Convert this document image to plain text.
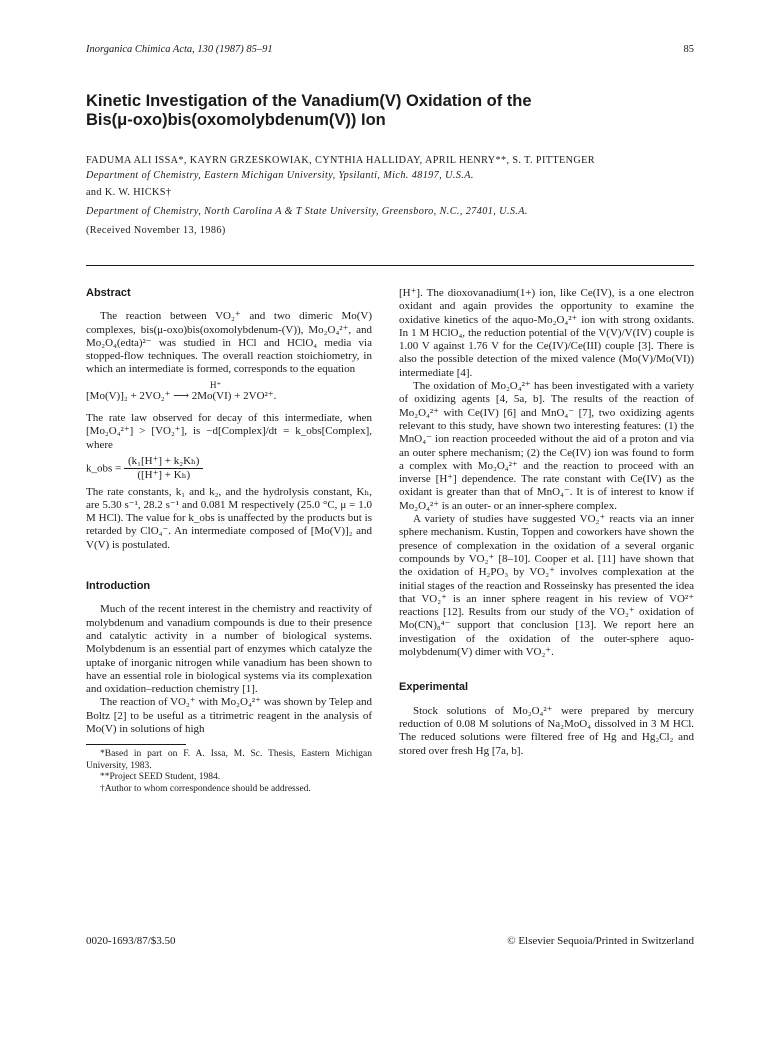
Inorganica Chimica Acta, 130 (1987) 85–91	85
Kinetic Investigation of the Vanadium(V) Oxidation of the
Bis(μ-oxo)bis(oxomolybdenum(V)) Ion
FADUMA ALI ISSA*, KAYRN GRZESKOWIAK, CYNTHIA HALLIDAY, APRIL HENRY**, S. T. PITTENGER
Department of Chemistry, Eastern Michigan University, Ypsilanti, Mich. 48197, U.S.A.
and K. W. HICKS†
Department of Chemistry, North Carolina A & T State University, Greensboro, N.C., 27401, U.S.A.
(Received November 13, 1986)

Abstract

The reaction between VO₂⁺ and two dimeric Mo(V) complexes, bis(μ-oxo)bis(oxomolybdenum-(V)), Mo₂O₄²⁺, and Mo₂O₄(edta)²⁻ was studied in HCl and HClO₄ media via stopped-flow techniques. The overall reaction stoichiometry, in which an intermediate is formed, corresponds to the equation

H⁺
[Mo(V)]₂ + 2VO₂⁺ ⟶ 2Mo(VI) + 2VO²⁺.

The rate law observed for decay of this intermediate, when [Mo₂O₄²⁺] > [VO₂⁺], is −d[Complex]/dt = k_obs[Complex], where

k_obs = $\frac{\text{(k₁[H⁺] + k₂Kₕ)}}{\text{([H⁺] + Kₕ)}}$

The rate constants, k₁ and k₂, and the hydrolysis constant, Kₕ, are 5.30 s⁻¹, 28.2 s⁻¹ and 0.081 M respectively (25.0 °C, μ = 1.0 M HCl). The value for k_obs is unaffected by the products but is retarded by ClO₄⁻. An intermediate composed of [Mo(V)]₂ and V(V) is postulated.

Introduction

Much of the recent interest in the chemistry and reactivity of molybdenum and vanadium compounds is due to their presence and catalytic activity in a number of biological systems. Molybdenum is an essential part of enzymes which catalyze the uptake of inorganic nitrogen while vanadium has been shown to have an essential role in biological systems via its complexation and oxidation–reduction chemistry [1].

The reaction of VO₂⁺ with Mo₂O₄²⁺ was shown by Telep and Boltz [2] to be useful as a titrimetric reagent in the analysis of Mo(V) in solutions of high

*Based in part on F. A. Issa, M. Sc. Thesis, Eastern Michigan University, 1983.
**Project SEED Student, 1984.
†Author to whom correspondence should be addressed.

[H⁺]. The dioxovanadium(1+) ion, like Ce(IV), is a one electron oxidant and again provides the opportunity to examine the oxidative kinetics of the aquo-Mo₂O₄²⁺ ion with strong oxidants. In 1 M HClO₄, the reduction potential of the V(V)/V(IV) couple is 1.00 V against 1.76 V for the Ce(IV)/Ce(III) couple [3]. There is also the possible detection of the mixed valence (Mo(V)/Mo(VI)) intermediate [4].

The oxidation of Mo₂O₄²⁺ has been investigated with a variety of oxidizing agents [4, 5a, b]. The results of the reaction of Mo₂O₄²⁺ with Ce(IV) [6] and MnO₄⁻ [7], two oxidizing agents relevant to this study, have shown two interesting features: (1) the MnO₄⁻ ion reaction proceeded without the aid of a proton and via an outer sphere mechanism; (2) the Ce(IV) ion was found to form a complex with Mo₂O₄²⁺ and the reaction to proceed with an inverse [H⁺] dependence. The rate constant with Ce(IV) as the oxidant is greater than that of MnO₄⁻. It is of interest to know if Mo₂O₄²⁺ is an outer- or an inner-sphere complex.

A variety of studies have suggested VO₂⁺ reacts via an inner sphere mechanism. Kustin, Toppen and coworkers have shown the presence of complexation in the oxidation of a several organic compounds by VO₂⁺ [8–10]. Cooper et al. [11] have shown that the oxidation of H₂PO₃ by VO₂⁺ involves complexation at the initial stages of the reaction and Rosseinsky has presented the idea that VO₂⁺ is an inner sphere reagent in his review of VO²⁺ reactions [12]. Results from our study of the VO₂⁺ oxidation of Mo(CN)₈⁴⁻ support that conclusion [13]. We report here an investigation of the oxidation of the outer-sphere aquo-molybdenum(V) dimer with VO₂⁺.

Experimental

Stock solutions of Mo₂O₄²⁺ were prepared by mercury reduction of 0.08 M solutions of Na₂MoO₄ dissolved in 3 M HCl. The reduced solutions were filtered free of Hg and Hg₂Cl₂ and stored over fresh Hg [7a, b].

0020-1693/87/$3.50	© Elsevier Sequoia/Printed in Switzerland
